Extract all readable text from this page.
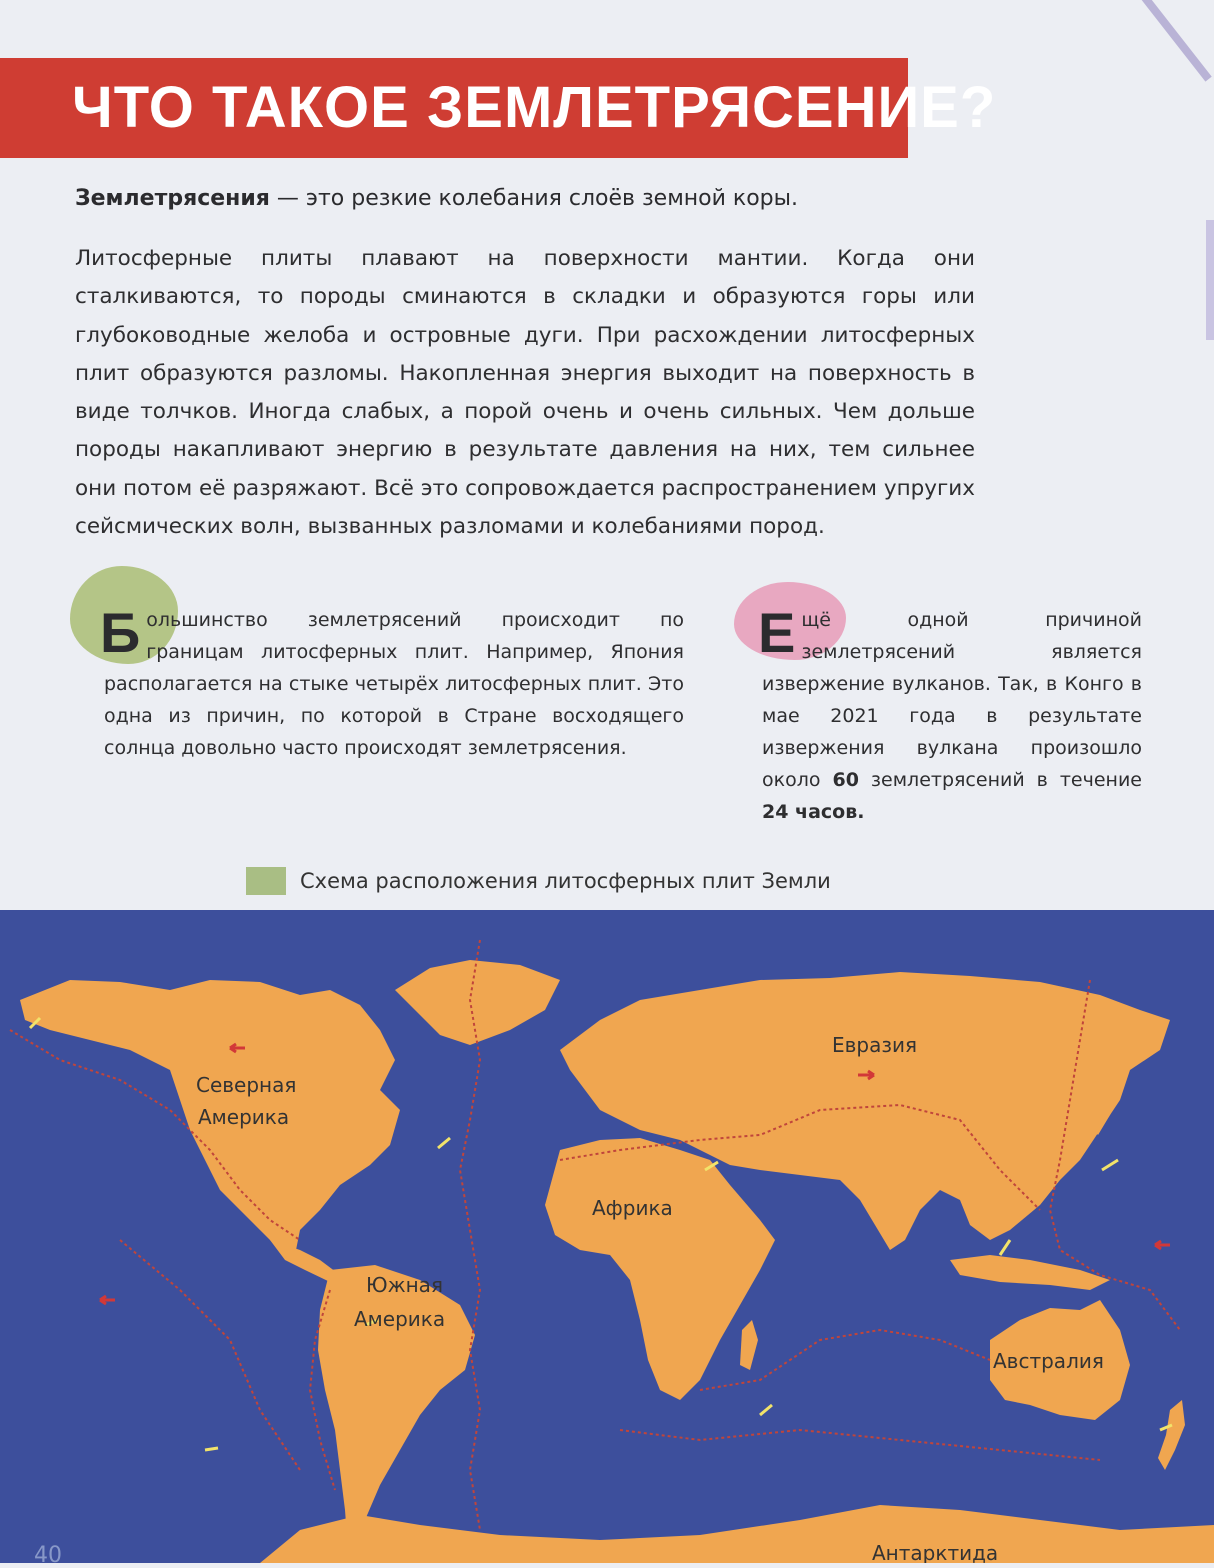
ЧТО ТАКОЕ ЗЕМЛЕТРЯСЕНИЕ?

Землетрясения — это резкие колебания слоёв земной коры.

Литосферные плиты плавают на поверхности мантии. Когда они сталкиваются, то породы сминаются в складки и образуются горы или глубоководные желоба и островные дуги. При расхождении литосферных плит образуются разломы. Накопленная энергия выходит на поверхность в виде толчков. Иногда слабых, а порой очень и очень сильных. Чем дольше породы накапливают энергию в результате давления на них, тем сильнее они потом её разряжают. Всё это сопровождается распространением упругих сейсмических волн, вызванных разломами и колебаниями пород.

Большинство землетрясений происходит по границам литосферных плит. Например, Япония располагается на стыке четырёх литосферных плит. Это одна из причин, по которой в Стране восходящего солнца довольно часто происходят землетрясения.

Ещё одной причиной землетрясений является извержение вулканов. Так, в Конго в мае 2021 года в результате извержения вулкана произошло около 60 землетрясений в течение 24 часов.

Схема расположения литосферных плит Земли
Евразия
Северная
Америка
Африка
Южная
Америка
Австралия
Антарктида
40
